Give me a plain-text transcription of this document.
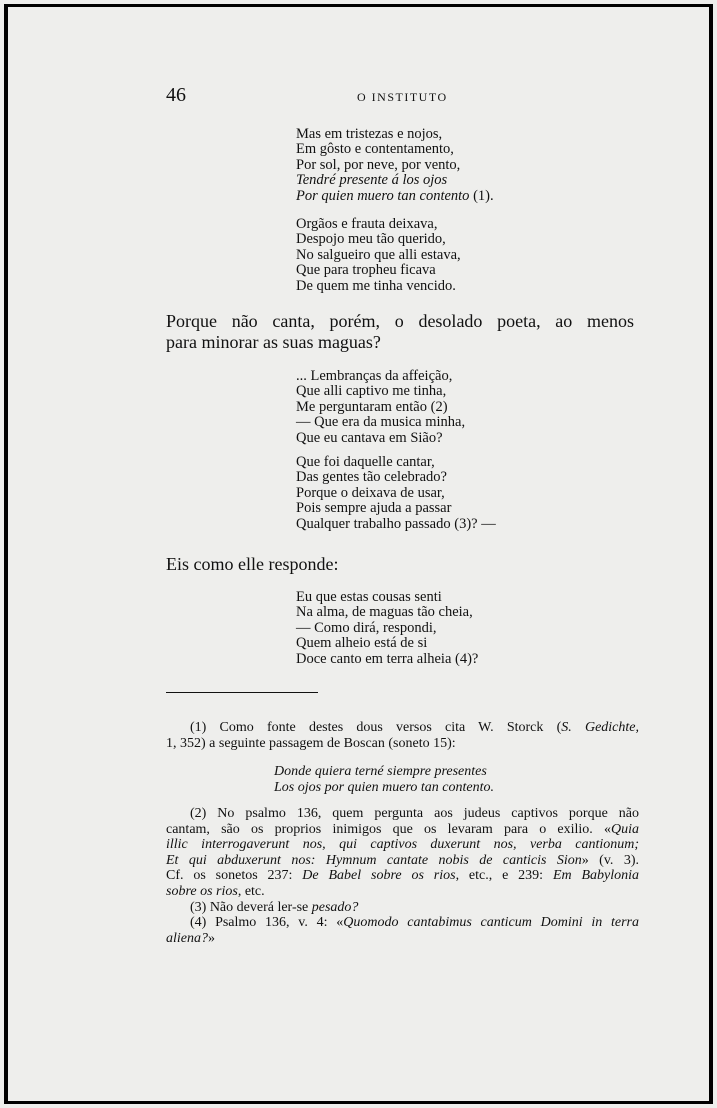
46	O INSTITUTO
Mas em tristezas e nojos,
Em gôsto e contentamento,
Por sol, por neve, por vento,
Tendré presente á los ojos
Por quien muero tan contento (1).
Orgãos e frauta deixava,
Despojo meu tão querido,
No salgueiro que alli estava,
Que para tropheu ficava
De quem me tinha vencido.
Porque não canta, porém, o desolado poeta, ao menos
para minorar as suas maguas?
... Lembranças da affeição,
Que alli captivo me tinha,
Me perguntaram então (2)
— Que era da musica minha,
Que eu cantava em Sião?
Que foi daquelle cantar,
Das gentes tão celebrado?
Porque o deixava de usar,
Pois sempre ajuda a passar
Qualquer trabalho passado (3)? —
Eis como elle responde:
Eu que estas cousas senti
Na alma, de maguas tão cheia,
— Como dirá, respondi,
Quem alheio está de si
Doce canto em terra alheia (4)?
(1) Como fonte destes dous versos cita W. Storck (S. Gedichte,
1, 352) a seguinte passagem de Boscan (soneto 15):
Donde quiera terné siempre presentes
Los ojos por quien muero tan contento.
(2) No psalmo 136, quem pergunta aos judeus captivos porque não
cantam, são os proprios inimigos que os levaram para o exilio. «Quia
illic interrogaverunt nos, qui captivos duxerunt nos, verba cantionum;
Et qui abduxerunt nos: Hymnum cantate nobis de canticis Sion» (v. 3).
Cf. os sonetos 237: De Babel sobre os rios, etc., e 239: Em Babylonia
sobre os rios, etc.
(3) Não deverá ler-se pesado?
(4) Psalmo 136, v. 4: «Quomodo cantabimus canticum Domini in terra
aliena?»
